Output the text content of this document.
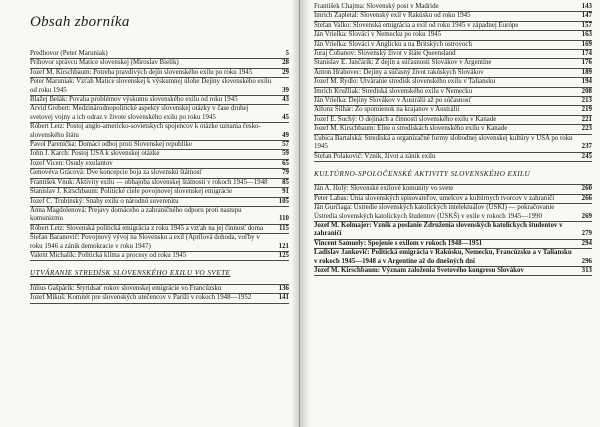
Obsah zborníka
Predhovor (Peter Maruniak)	5
Príhovor správcu Matice slovenskej (Miroslav Bielik)	28
Jozef M. Kirschbaum: Potreba pravdivých dejín slovenského exilu po roku 1945	29
Peter Maruniak: Vzťah Matice slovenskej k výskumnej úlohe Dejiny slovenského exilu od roku 1945	39
Blažej Belák: Povaha problémov výskumu slovenského exilu od roku 1945	43
Arvid Grebert: Medzinárodnopolitické aspekty slovenskej otázky v čase druhej svetovej vojny a ich odraz v živote slovenského exilu po roku 1945	45
Róbert Letz: Postoj anglo-americko-sovietskych spojencov k otázke uznania česko-slovenského štátu	49
Pavol Parenička: Domáci odboj proti Slovenskej republike	57
John J. Karch: Postoj USA k slovenskej otázke	59
Jozef Vicen: Osudy exulantov	65
Genovéva Grácová: Dve koncepcie boja za slovenskú štátnosť	79
František Vnuk: Aktivity exilu — obhajoba slovenskej štátnosti v rokoch 1945—1948	85
Stanislav J. Kirschbaum: Politické ciele povojnovej slovenskej emigrácie	91
Jozef C. Trubinský: Snahy exilu o národnú suverenitu	105
Anna Magdolenová: Prejavy domáceho a zahraničného odporu proti nastupu komunizmu	110
Róbert Letz: Slovenská politická emigrácia z roku 1945 a vzťah na jej činnosť doma	115
Štefan Baranovič: Povojnový vývoj na Slovensku a exil (Aprílová dohoda, voľby v roku 1946 a zánik demokracie v roku 1947)	121
Valent Michalík: Politická klíma a procesy od roku 1945	125
UTVÁRANIE STREDÍSK SLOVENSKÉHO EXILU VO SVETE
Július Gašpárik: Štyridsať rokov slovenskej emigrácie vo Francúzsku	136
Jozef Mikuš: Komitét pre slovenských utečencov v Paríži v rokoch 1948—1952	141
František Chajma: Slovenský post v Madride	143
Imrich Zapletal: Slovenský exil v Rakúsku od roku 1945	147
Štefan Valko: Slovenská emigrácia a exil od roku 1945 v západnej Európe	157
Ján Vrielka: Slováci v Nemecku po roku 1945	163
Ján Vrielka: Slováci v Anglicku a na Britských ostrovoch	169
Juraj Čobanov: Slovenský život v štáte Queensland	174
Stanislav E. Jančárik: Z dejín a súčasnosti Slovákov v Argentíne	176
Anton Hrabovec: Dejiny a súčasný život rakúskych Slovákov	189
Jozef M. Rydlo: Utváranie stredísk slovenského exilu v Taliansku	194
Imrich Kružliak: Strediská slovenského exilu v Nemecku	208
Ján Vrielka: Dejiny Slovákov v Austrálii až po súčasnosť	213
Alfonz Šilhár: Zo spomienok na krajanov v Austrálii	219
Jozef E. Suchý: O dejinách a činnosti slovenského exilu v Kanade	221
Jozef M. Kirschbaum: Elite o strediskách slovenského exilu v Kanade	223
Ľubica Bartalská: Strediská a organizačné formy slobodnej slovenskej kultúry v USA po roku 1945	237
Štefan Polakovič: Vznik, život a zánik exilu	245
KULTÚRNO-SPOLOČENSKÉ AKTIVITY SLOVENSKÉHO EXILU
Ján A. Holý: Slovenské exilové komunity vo svete	260
Peter Labas: Únia slovenských spisovateľov, umelcov a kultúrnych tvorcov v zahraničí	266
Ján Gurčiaga: Ústredie slovenských katolíckych intelektuálov (USKI) — pokračovanie Ústredia slovenských katolíckych študentov (ÚSKŠ) v exile v rokoch 1945—1990	269
Jozef M. Kolmajer: Vznik a poslanie Združenia slovenských katolíckych študentov v zahraničí	279
Vincent Samuely: Spojenie s exilom v rokoch 1948—1951	294
Ladislav Janković: Politická emigrácia v Rakúsku, Nemecku, Francúzsku a v Taliansku v rokoch 1945—1948 a v Argentíne až do dnešných dní	296
Jozef M. Kirschbaum: Význam založenia Svetového kongresu Slovákov	313
